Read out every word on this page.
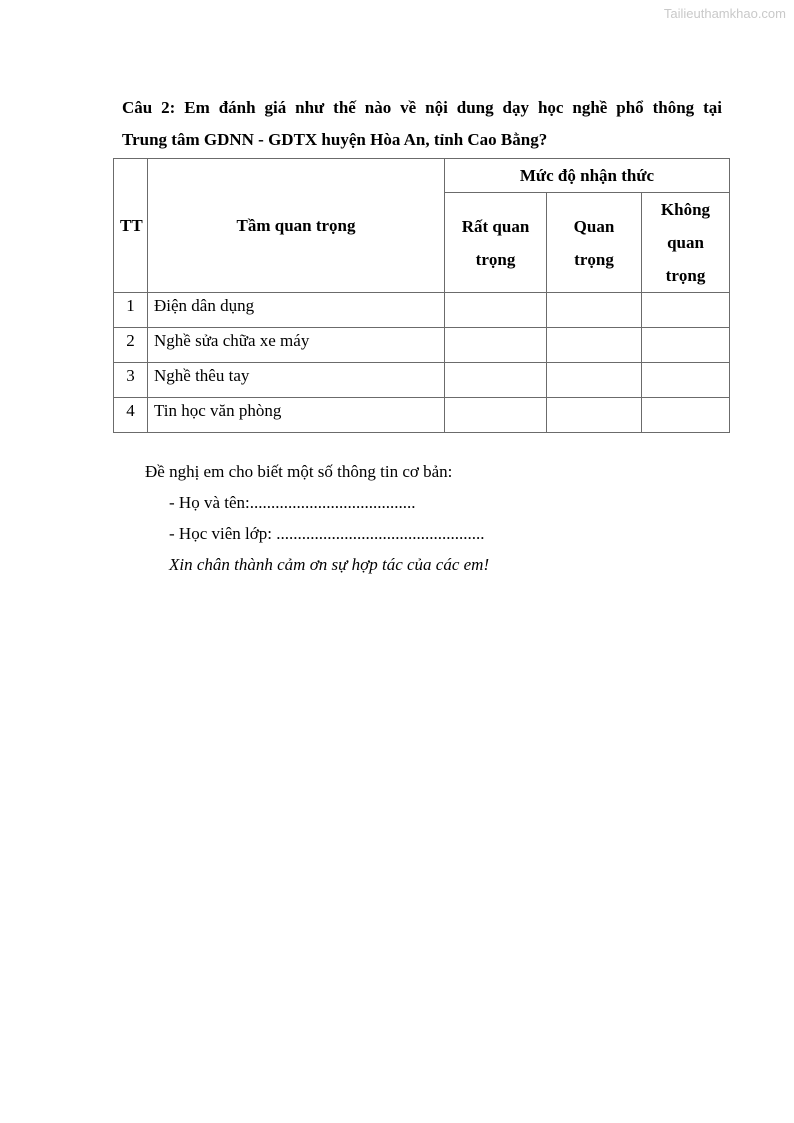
Tailieuthamkhao.com
Câu 2: Em đánh giá như thế nào về nội dung dạy học nghề phổ thông tại
Trung tâm GDNN - GDTX huyện Hòa An, tỉnh Cao Bằng?
TT	Tầm quan trọng	Mức độ nhận thức		
		Rất quan trọng	Quan trọng	Không quan trọng
1	Điện dân dụng			
2	Nghề sửa chữa xe máy			
3	Nghề thêu tay			
4	Tin học văn phòng			
Đề nghị em cho biết một số thông tin cơ bản:
- Họ và tên:.......................................
- Học viên lớp: .................................................
Xin chân thành cảm ơn sự hợp tác của các em!
